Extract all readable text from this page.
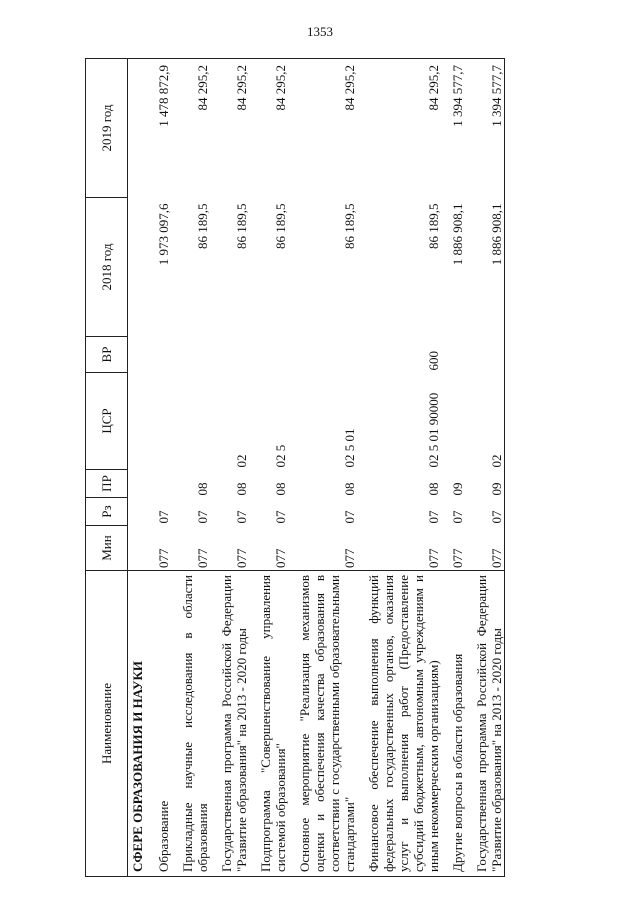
1353
Наименование	Мин	Рз	ПР	ЦСР	ВР	2018 год	2019 год
СФЕРЕ ОБРАЗОВАНИЯ И НАУКИ							
Образование	077	07				1 973 097,6	1 478 872,9
Прикладные научные исследования в области образования	077	07	08			86 189,5	84 295,2
Государственная программа Российской Федерации "Развитие образования" на 2013 - 2020 годы	077	07	08	02		86 189,5	84 295,2
Подпрограмма "Совершенствование управления системой образования"	077	07	08	02 5		86 189,5	84 295,2
Основное мероприятие "Реализация механизмов оценки и обеспечения качества образования в соответствии с государственными образовательными стандартами"	077	07	08	02 5 01		86 189,5	84 295,2
Финансовое обеспечение выполнения функций федеральных государственных органов, оказания услуг и выполнения работ (Предоставление субсидий бюджетным, автономным учреждениям и иным некоммерческим организациям)	077	07	08	02 5 01 90000	600	86 189,5	84 295,2
Другие вопросы в области образования	077	07	09			1 886 908,1	1 394 577,7
Государственная программа Российской Федерации "Развитие образования" на 2013 - 2020 годы	077	07	09	02		1 886 908,1	1 394 577,7
